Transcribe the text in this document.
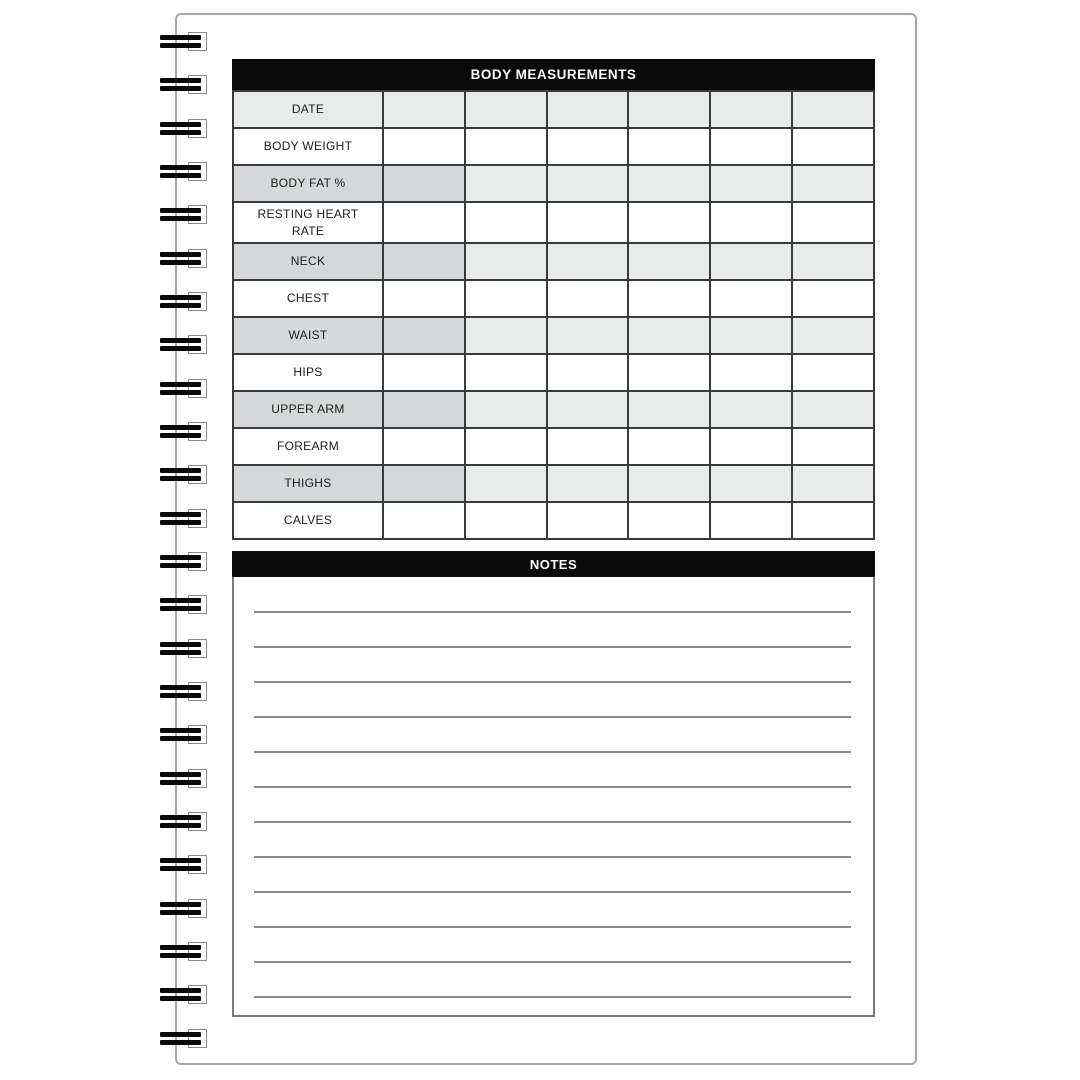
BODY MEASUREMENTS
DATE						
BODY WEIGHT						
BODY FAT %						
RESTING HEART RATE						
NECK						
CHEST						
WAIST						
HIPS						
UPPER ARM						
FOREARM						
THIGHS						
CALVES						
NOTES
